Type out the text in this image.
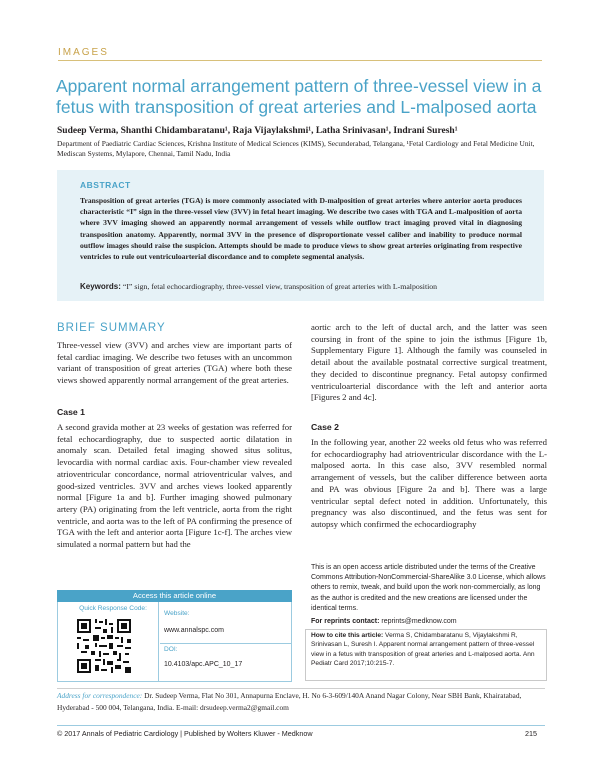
IMAGES
Apparent normal arrangement pattern of three-vessel view in a fetus with transposition of great arteries and L-malposed aorta
Sudeep Verma, Shanthi Chidambaratanu¹, Raja Vijaylakshmi¹, Latha Srinivasan¹, Indrani Suresh¹
Department of Paediatric Cardiac Sciences, Krishna Institute of Medical Sciences (KIMS), Secunderabad, Telangana, ¹Fetal Cardiology and Fetal Medicine Unit, Mediscan Systems, Mylapore, Chennai, Tamil Nadu, India
ABSTRACT
Transposition of great arteries (TGA) is more commonly associated with D-malposition of great arteries where anterior aorta produces characteristic “I” sign in the three-vessel view (3VV) in fetal heart imaging. We describe two cases with TGA and L-malposition of aorta where 3VV imaging showed an apparently normal arrangement of vessels while outflow tract imaging proved vital in diagnosing transposition anatomy. Apparently, normal 3VV in the presence of disproportionate vessel caliber and inability to produce normal outflow images should raise the suspicion. Attempts should be made to produce views to show great arteries originating from respective ventricles to rule out ventriculoarterial discordance and to complete segmental analysis.
Keywords: “I” sign, fetal echocardiography, three-vessel view, transposition of great arteries with L-malposition
BRIEF SUMMARY

Three-vessel view (3VV) and arches view are important parts of fetal cardiac imaging. We describe two fetuses with an uncommon variant of transposition of great arteries (TGA) where both these views showed apparently normal arrangement of the great arteries.

Case 1

A second gravida mother at 23 weeks of gestation was referred for fetal echocardiography, due to suspected aortic dilatation in anomaly scan. Detailed fetal imaging showed situs solitus, levocardia with normal cardiac axis. Four-chamber view revealed atrioventricular concordance, normal atrioventricular valves, and good-sized ventricles. 3VV and arches views looked apparently normal [Figure 1a and b]. Further imaging showed pulmonary artery (PA) originating from the left ventricle, aorta from the right ventricle, and aorta was to the left of PA confirming the presence of TGA with the left and anterior aorta [Figure 1c-f]. The arches view simulated a normal pattern but had the

aortic arch to the left of ductal arch, and the latter was seen coursing in front of the spine to join the isthmus [Figure 1b, Supplementary Figure 1]. Although the family was counseled in detail about the available postnatal corrective surgical treatment, they decided to discontinue pregnancy. Fetal autopsy confirmed ventriculoarterial discordance with the left and anterior aorta [Figures 2 and 4c].

Case 2

In the following year, another 22 weeks old fetus who was referred for echocardiography had atrioventricular discordance with the L-malposed aorta. In this case also, 3VV resembled normal arrangement of vessels, but the caliber difference between aorta and PA was obvious [Figure 2a and b]. There was a large ventricular septal defect noted in addition. Unfortunately, this pregnancy was also discontinued, and the fetus was sent for autopsy which confirmed the echocardiography

Access this article online
Quick Response Code:
Website:
www.annalspc.com
DOI:
10.4103/apc.APC_10_17
This is an open access article distributed under the terms of the Creative Commons Attribution-NonCommercial-ShareAlike 3.0 License, which allows others to remix, tweak, and build upon the work non-commercially, as long as the author is credited and the new creations are licensed under the identical terms.
For reprints contact: reprints@medknow.com
How to cite this article: Verma S, Chidambaratanu S, Vijaylakshmi R, Srinivasan L, Suresh I. Apparent normal arrangement pattern of three-vessel view in a fetus with transposition of great arteries and L-malposed aorta. Ann Pediatr Card 2017;10:215-7.
Address for correspondence: Dr. Sudeep Verma, Flat No 301, Annapurna Enclave, H. No 6-3-609/140A Anand Nagar Colony, Near SBH Bank, Khairatabad, Hyderabad - 500 004, Telangana, India. E-mail: drsudeep.verma2@gmail.com
© 2017 Annals of Pediatric Cardiology | Published by Wolters Kluwer - Medknow	215
